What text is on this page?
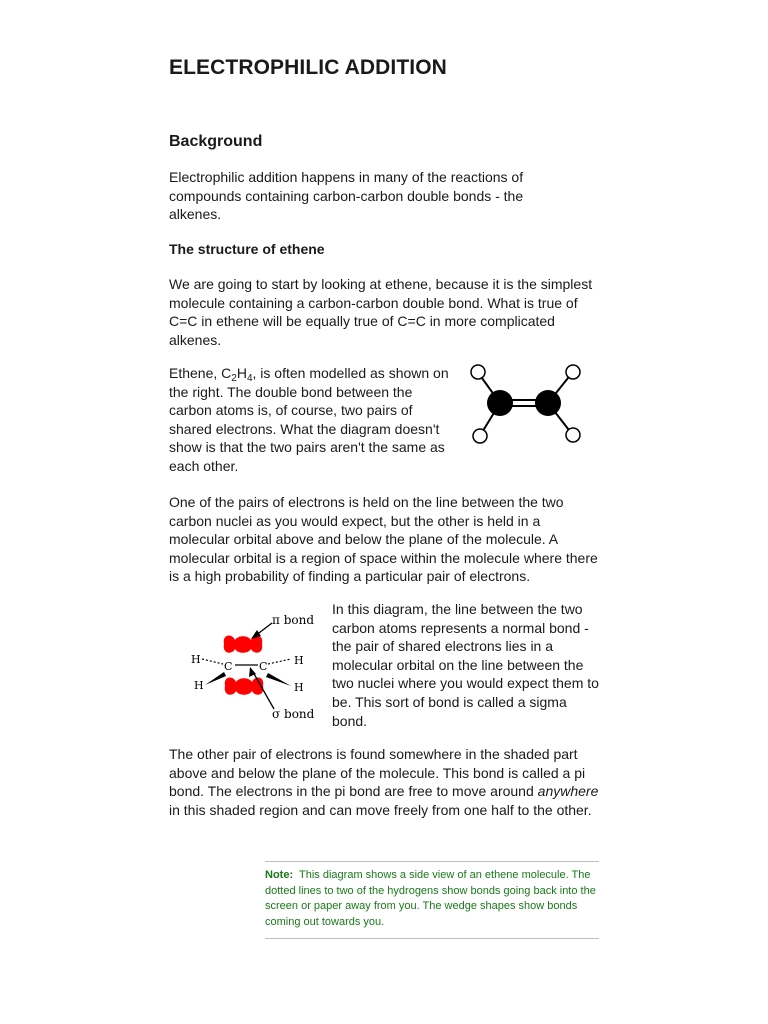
ELECTROPHILIC ADDITION
Background

Electrophilic addition happens in many of the reactions of compounds containing carbon-carbon double bonds - the alkenes.

The structure of ethene

We are going to start by looking at ethene, because it is the simplest molecule containing a carbon-carbon double bond. What is true of C=C in ethene will be equally true of C=C in more complicated alkenes.

Ethene, $C_2H_4$, is often modelled as shown on the right. The double bond between the carbon atoms is, of course, two pairs of shared electrons. What the diagram doesn't show is that the two pairs aren't the same as each other.

One of the pairs of electrons is held on the line between the two carbon nuclei as you would expect, but the other is held in a molecular orbital above and below the plane of the molecule. A molecular orbital is a region of space within the molecule where there is a high probability of finding a particular pair of electrons.

In this diagram, the line between the two carbon atoms represents a normal bond - the pair of shared electrons lies in a molecular orbital on the line between the two nuclei where you would expect them to be. This sort of bond is called a sigma bond.

The other pair of electrons is found somewhere in the shaded part above and below the plane of the molecule. This bond is called a pi bond. The electrons in the pi bond are free to move around anywhere in this shaded region and can move freely from one half to the other.

Note: This diagram shows a side view of an ethene molecule. The dotted lines to two of the hydrogens show bonds going back into the screen or paper away from you. The wedge shapes show bonds coming out towards you.
C C
H
H
H
H
π bond
σ bond
